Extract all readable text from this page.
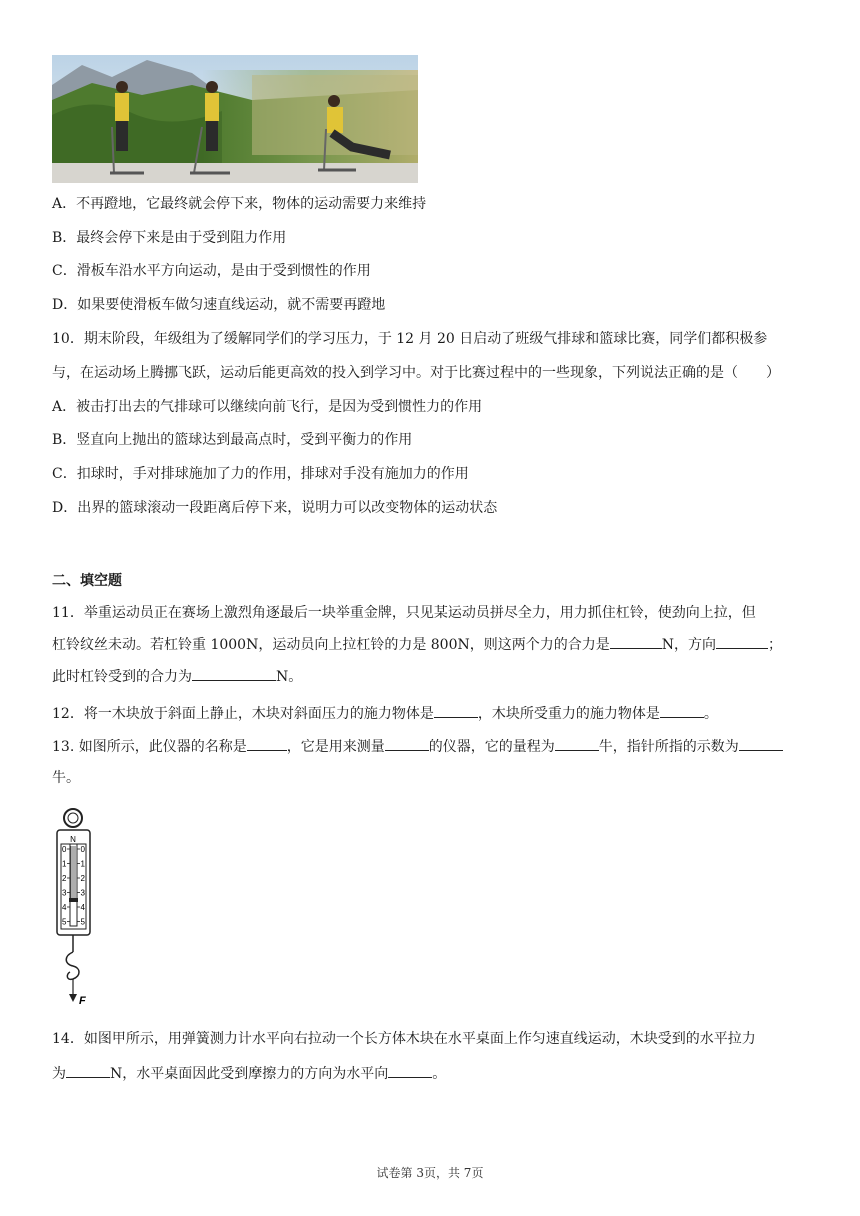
A．不再蹬地，它最终就会停下来，物体的运动需要力来维持
B．最终会停下来是由于受到阻力作用
C．滑板车沿水平方向运动，是由于受到惯性的作用
D．如果要使滑板车做匀速直线运动，就不需要再蹬地
10．期末阶段，年级组为了缓解同学们的学习压力，于 12 月 20 日启动了班级气排球和篮球比赛，同学们都积极参
与，在运动场上腾挪飞跃，运动后能更高效的投入到学习中。对于比赛过程中的一些现象，下列说法正确的是（　　）
A．被击打出去的气排球可以继续向前飞行，是因为受到惯性力的作用
B．竖直向上抛出的篮球达到最高点时，受到平衡力的作用
C．扣球时，手对排球施加了力的作用，排球对手没有施加力的作用
D．出界的篮球滚动一段距离后停下来，说明力可以改变物体的运动状态
二、填空题
11．举重运动员正在赛场上激烈角逐最后一块举重金牌，只见某运动员拼尽全力，用力抓住杠铃，使劲向上拉，但
杠铃纹丝未动。若杠铃重 1000N，运动员向上拉杠铃的力是 800N，则这两个力的合力是	N，方向	；
此时杠铃受到的合力为	N。
12．将一木块放于斜面上静止，木块对斜面压力的施力物体是	，木块所受重力的施力物体是	。
13. 如图所示，此仪器的名称是	，它是用来测量	的仪器，它的量程为	牛，指针所指的示数为
牛。
N
0 0
1 1
2 2
3 3
4 4
5 5
F
14．如图甲所示，用弹簧测力计水平向右拉动一个长方体木块在水平桌面上作匀速直线运动，木块受到的水平拉力
为	N，水平桌面因此受到摩擦力的方向为水平向	。
试卷第 3页，共 7页
